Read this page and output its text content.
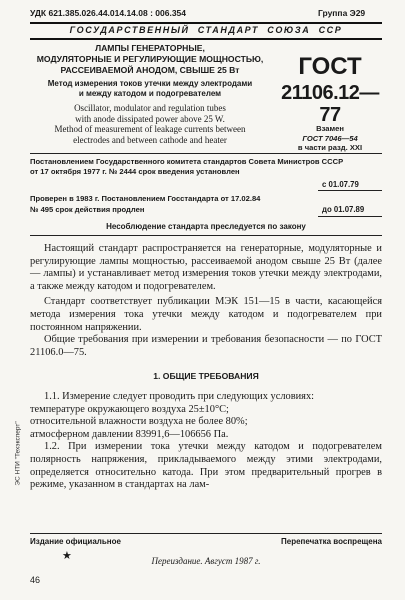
УДК 621.385.026.44.014.14.08 : 006.354	Группа Э29
ГОСУДАРСТВЕННЫЙ  СТАНДАРТ  СОЮЗА  ССР
ЛАМПЫ ГЕНЕРАТОРНЫЕ,
МОДУЛЯТОРНЫЕ И РЕГУЛИРУЮЩИЕ МОЩНОСТЬЮ,
РАССЕИВАЕМОЙ АНОДОМ, СВЫШЕ 25 Вт
Метод измерения токов утечки между электродами
и между катодом и подогревателем
Oscillator, modulator and regulation tubes
with anode dissipated power above 25 W.
Method of measurement of leakage currents between
electrodes and between cathode and heater
ГОСТ
21106.12—77
Взамен
ГОСТ 7046—54
в части разд. XXI
Постановлением Государственного комитета стандартов Совета Министров СССР
от 17 октября 1977 г. № 2444 срок введения установлен
с 01.07.79
Проверен в 1983 г. Постановлением Госстандарта от 17.02.84
№ 495 срок действия продлен	до 01.07.89
Несоблюдение стандарта преследуется по закону

Настоящий стандарт распространяется на генераторные, модуляторные и регулирующие лампы мощностью, рассеиваемой анодом свыше 25 Вт (далее — лампы) и устанавливает метод измерения токов утечки между электродами, а также между катодом и подогревателем.

Стандарт соответствует публикации МЭК 151—15 в части, касающейся метода измерения тока утечки между катодом и подогревателем при постоянном напряжении.

Общие требования при измерении и требования безопасности — по ГОСТ 21106.0—75.

1. ОБЩИЕ ТРЕБОВАНИЯ

1.1. Измерение следует проводить при следующих условиях:

температуре окружающего воздуха 25±10°С;

относительной влажности воздуха не более 80%;

атмосферном давлении 83991,6—106656 Па.

1.2. При измерении тока утечки между катодом и подогревателем полярность напряжения, прикладываемого между этими электродами, определяется относительно катода. При этом предварительный прогрев в режиме, указанном в стандартах на лам-

ЭС НТИ "Техэксперт"
Издание официальное	Перепечатка воспрещена
★	Переиздание. Август 1987 г.
46
